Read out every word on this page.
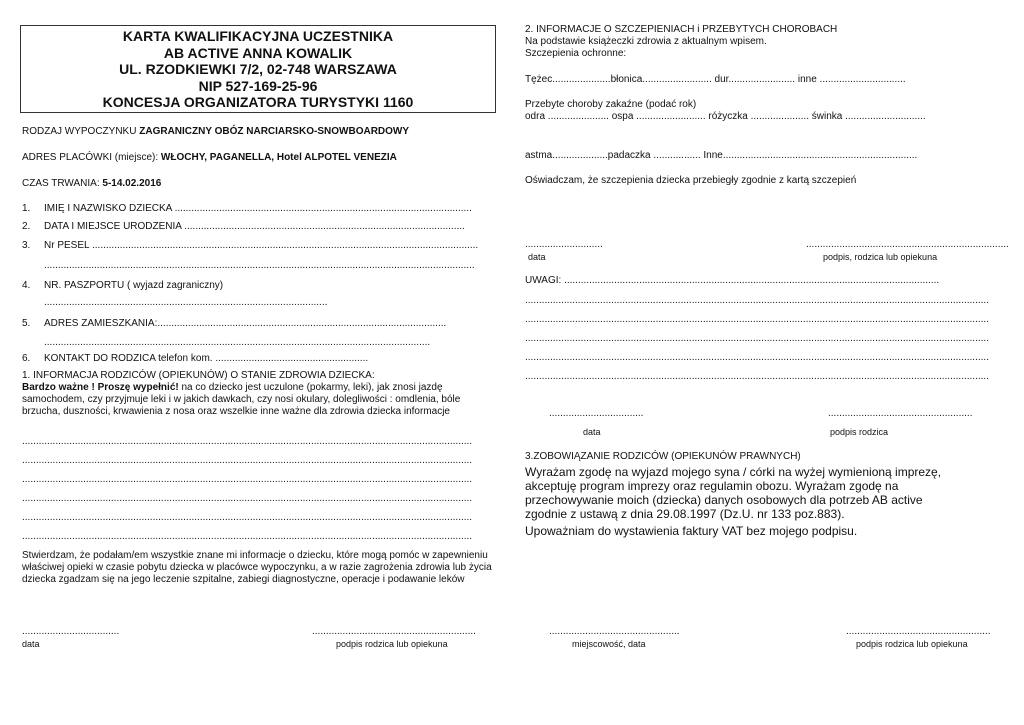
KARTA KWALIFIKACYJNA UCZESTNIKA
AB ACTIVE ANNA KOWALIK
UL. RZODKIEWKI 7/2, 02-748 WARSZAWA
NIP 527-169-25-96
KONCESJA ORGANIZATORA TURYSTYKI 1160
RODZAJ WYPOCZYNKU ZAGRANICZNY OBÓZ NARCIARSKO-SNOWBOARDOWY
ADRES PLACÓWKI (miejsce): WŁOCHY, PAGANELLA, Hotel ALPOTEL VENEZIA
CZAS TRWANIA: 5-14.02.2016
1. IMIĘ I NAZWISKO DZIECKA ...........................................................................................................
2. DATA I MIEJSCE URODZENIA .....................................................................................................
3. Nr PESEL ...........................................................................................................................................
...........................................................................................................................................................
4. NR. PASZPORTU ( wyjazd zagraniczny)
......................................................................................................
5. ADRES ZAMIESZKANIA:........................................................................................................
...........................................................................................................................................
6. KONTAKT DO RODZICA telefon kom. .......................................................
1. INFORMACJA RODZICÓW (OPIEKUNÓW) O STANIE ZDROWIA DZIECKA:
Bardzo ważne ! Proszę wypełnić! na co dziecko jest uczulone (pokarmy, leki), jak znosi jazdę samochodem, czy przyjmuje leki i w jakich dawkach, czy nosi okulary, dolegliwości : omdlenia, bóle brzucha, duszności, krwawienia z nosa oraz wszelkie inne ważne dla zdrowia dziecka informacje
..................................................................................................................................................................
..................................................................................................................................................................
..................................................................................................................................................................
..................................................................................................................................................................
..................................................................................................................................................................
..................................................................................................................................................................
Stwierdzam, że podałam/em wszystkie znane mi informacje o dziecku, które mogą pomóc w zapewnieniu właściwej opieki w czasie pobytu dziecka w placówce wypoczynku, a w razie zagrożenia zdrowia lub życia dziecka zgadzam się na jego leczenie szpitalne, zabiegi diagnostyczne, operacje i podawanie leków
...................................	...........................................................
data	podpis rodzica lub opiekuna
2. INFORMACJE O SZCZEPIENIACH i PRZEBYTYCH CHOROBACH
Na podstawie książeczki zdrowia z aktualnym wpisem.
Szczepienia ochronne:
Tężec.....................błonica......................... dur........................ inne ...............................
Przebyte choroby zakaźne (podać rok)
odra ...................... ospa ......................... różyczka ..................... świnka .............................
astma....................padaczka ................. Inne......................................................................
Oświadczam, że szczepienia dziecka przebiegły zgodnie z kartą szczepień
............................	.........................................................................
data	podpis, rodzica lub opiekuna
UWAGI: .......................................................................................................................................
.......................................................................................................................................................................
.......................................................................................................................................................................
.......................................................................................................................................................................
.......................................................................................................................................................................
.......................................................................................................................................................................
..................................	....................................................
data	podpis rodzica
3.ZOBOWIĄZANIE RODZICÓW (OPIEKUNÓW PRAWNYCH)
Wyrażam zgodę na wyjazd mojego syna / córki na wyżej wymienioną imprezę, akceptuję program imprezy oraz regulamin obozu. Wyrażam zgodę na przechowywanie moich (dziecka) danych osobowych dla potrzeb AB active zgodnie z ustawą z dnia 29.08.1997 (Dz.U. nr 133 poz.883).
Upoważniam do wystawienia faktury VAT bez mojego podpisu.
...............................................	....................................................
miejscowość, data	podpis rodzica lub opiekuna
